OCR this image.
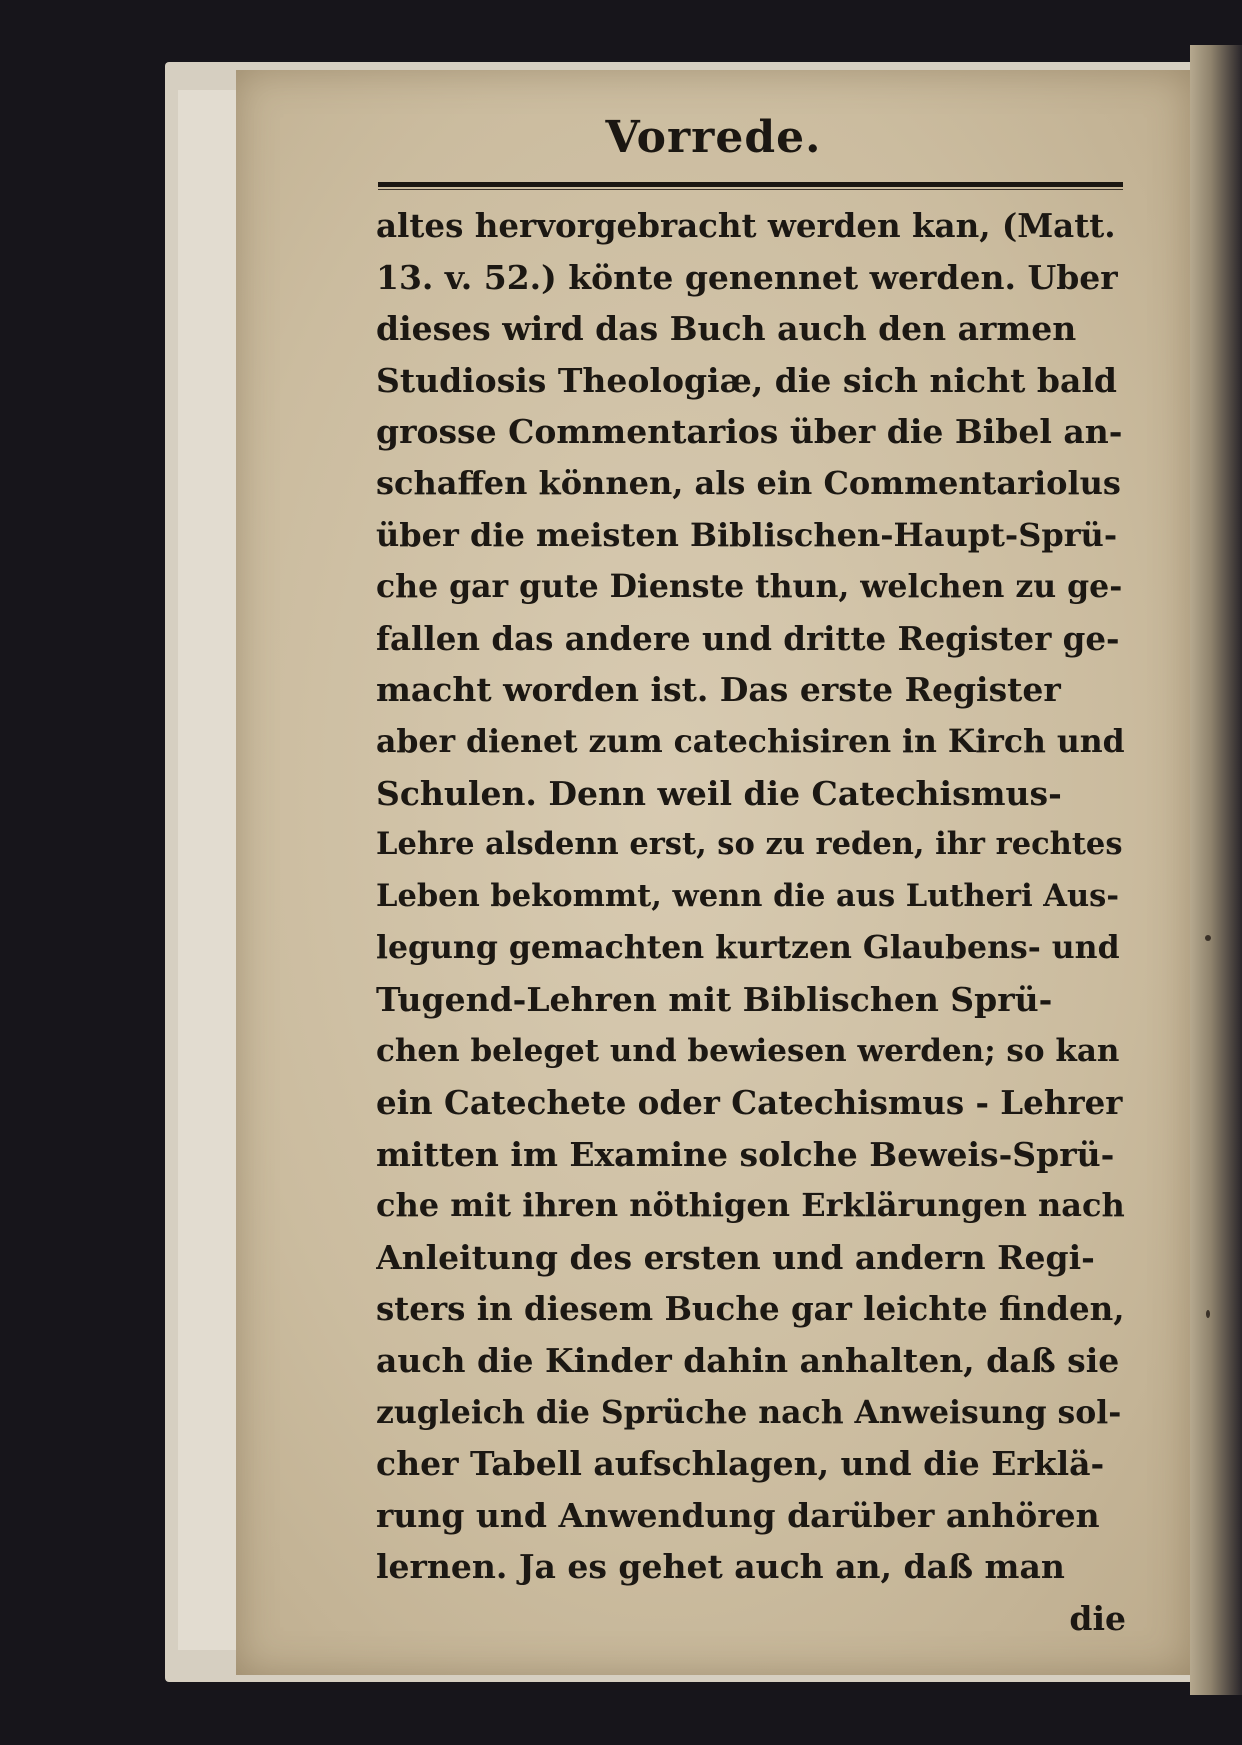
Vorrede.
altes hervorgebracht werden kan, (Matt.
13. v. 52.) könte genennet werden. Uber
dieses wird das Buch auch den armen
Studiosis Theologiæ, die sich nicht bald
grosse Commentarios über die Bibel an-
schaffen können, als ein Commentariolus
über die meisten Biblischen-Haupt-Sprü-
che gar gute Dienste thun, welchen zu ge-
fallen das andere und dritte Register ge-
macht worden ist. Das erste Register
aber dienet zum catechisiren in Kirch und
Schulen. Denn weil die Catechismus-
Lehre alsdenn erst, so zu reden, ihr rechtes
Leben bekommt, wenn die aus Lutheri Aus-
legung gemachten kurtzen Glaubens- und
Tugend-Lehren mit Biblischen Sprü-
chen beleget und bewiesen werden; so kan
ein Catechete oder Catechismus - Lehrer
mitten im Examine solche Beweis-Sprü-
che mit ihren nöthigen Erklärungen nach
Anleitung des ersten und andern Regi-
sters in diesem Buche gar leichte finden,
auch die Kinder dahin anhalten, daß sie
zugleich die Sprüche nach Anweisung sol-
cher Tabell aufschlagen, und die Erklä-
rung und Anwendung darüber anhören
lernen. Ja es gehet auch an, daß man
die
